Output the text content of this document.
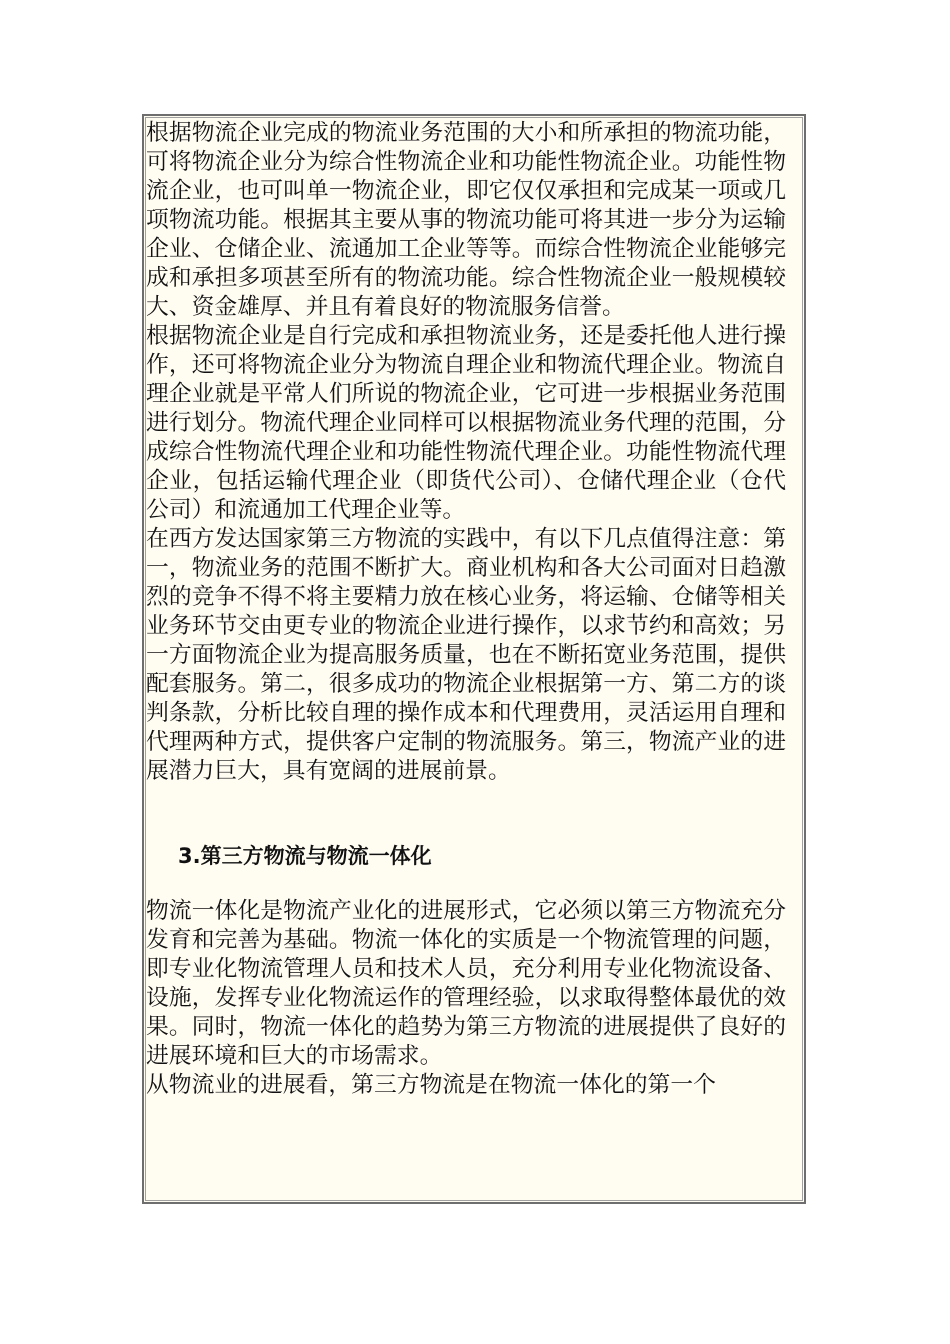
根据物流企业完成的物流业务范围的大小和所承担的物流功能，可将物流企业分为综合性物流企业和功能性物流企业。功能性物流企业，也可叫单一物流企业，即它仅仅承担和完成某一项或几项物流功能。根据其主要从事的物流功能可将其进一步分为运输企业、仓储企业、流通加工企业等等。而综合性物流企业能够完成和承担多项甚至所有的物流功能。综合性物流企业一般规模较大、资金雄厚、并且有着良好的物流服务信誉。

根据物流企业是自行完成和承担物流业务，还是委托他人进行操作，还可将物流企业分为物流自理企业和物流代理企业。物流自理企业就是平常人们所说的物流企业，它可进一步根据业务范围进行划分。物流代理企业同样可以根据物流业务代理的范围，分成综合性物流代理企业和功能性物流代理企业。功能性物流代理企业，包括运输代理企业（即货代公司）、仓储代理企业（仓代公司）和流通加工代理企业等。

在西方发达国家第三方物流的实践中，有以下几点值得注意：第一，物流业务的范围不断扩大。商业机构和各大公司面对日趋激烈的竞争不得不将主要精力放在核心业务，将运输、仓储等相关业务环节交由更专业的物流企业进行操作，以求节约和高效；另一方面物流企业为提高服务质量，也在不断拓宽业务范围，提供配套服务。第二，很多成功的物流企业根据第一方、第二方的谈判条款，分析比较自理的操作成本和代理费用，灵活运用自理和代理两种方式，提供客户定制的物流服务。第三，物流产业的进展潜力巨大，具有宽阔的进展前景。

3.第三方物流与物流一体化

物流一体化是物流产业化的进展形式，它必须以第三方物流充分发育和完善为基础。物流一体化的实质是一个物流管理的问题，即专业化物流管理人员和技术人员，充分利用专业化物流设备、设施，发挥专业化物流运作的管理经验，以求取得整体最优的效果。同时，物流一体化的趋势为第三方物流的进展提供了良好的进展环境和巨大的市场需求。

从物流业的进展看，第三方物流是在物流一体化的第一个
